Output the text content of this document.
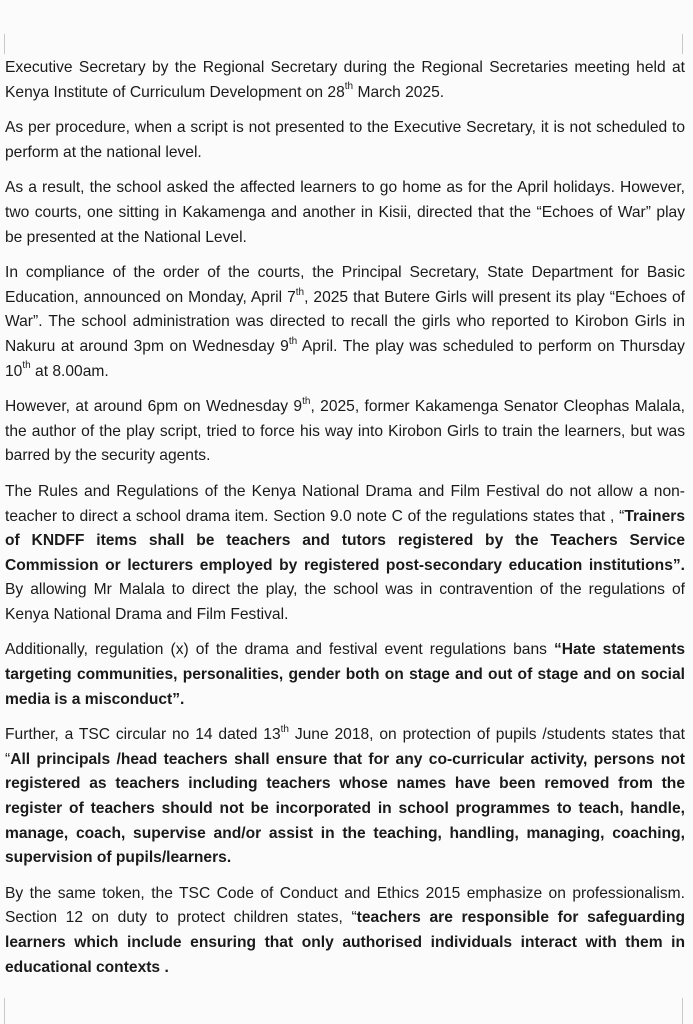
Executive Secretary by the Regional Secretary during the Regional Secretaries meeting held at Kenya Institute of Curriculum Development on 28th March 2025.

As per procedure, when a script is not presented to the Executive Secretary, it is not scheduled to perform at the national level.

As a result, the school asked the affected learners to go home as for the April holidays. However, two courts, one sitting in Kakamenga and another in Kisii, directed that the “Echoes of War” play be presented at the National Level.

In compliance of the order of the courts, the Principal Secretary, State Department for Basic Education, announced on Monday, April 7th, 2025 that Butere Girls will present its play “Echoes of War”. The school administration was directed to recall the girls who reported to Kirobon Girls in Nakuru at around 3pm on Wednesday 9th April. The play was scheduled to perform on Thursday 10th at 8.00am.

However, at around 6pm on Wednesday 9th, 2025, former Kakamenga Senator Cleophas Malala, the author of the play script, tried to force his way into Kirobon Girls to train the learners, but was barred by the security agents.

The Rules and Regulations of the Kenya National Drama and Film Festival do not allow a non-teacher to direct a school drama item. Section 9.0 note C of the regulations states that , “Trainers of KNDFF items shall be teachers and tutors registered by the Teachers Service Commission or lecturers employed by registered post-secondary education institutions”. By allowing Mr Malala to direct the play, the school was in contravention of the regulations of Kenya National Drama and Film Festival.

Additionally, regulation (x) of the drama and festival event regulations bans “Hate statements targeting communities, personalities, gender both on stage and out of stage and on social media is a misconduct”.

Further, a TSC circular no 14 dated 13th June 2018, on protection of pupils /students states that “All principals /head teachers shall ensure that for any co-curricular activity, persons not registered as teachers including teachers whose names have been removed from the register of teachers should not be incorporated in school programmes to teach, handle, manage, coach, supervise and/or assist in the teaching, handling, managing, coaching, supervision of pupils/learners.

By the same token, the TSC Code of Conduct and Ethics 2015 emphasize on professionalism. Section 12 on duty to protect children states, “teachers are responsible for safeguarding learners which include ensuring that only authorised individuals interact with them in educational contexts .
